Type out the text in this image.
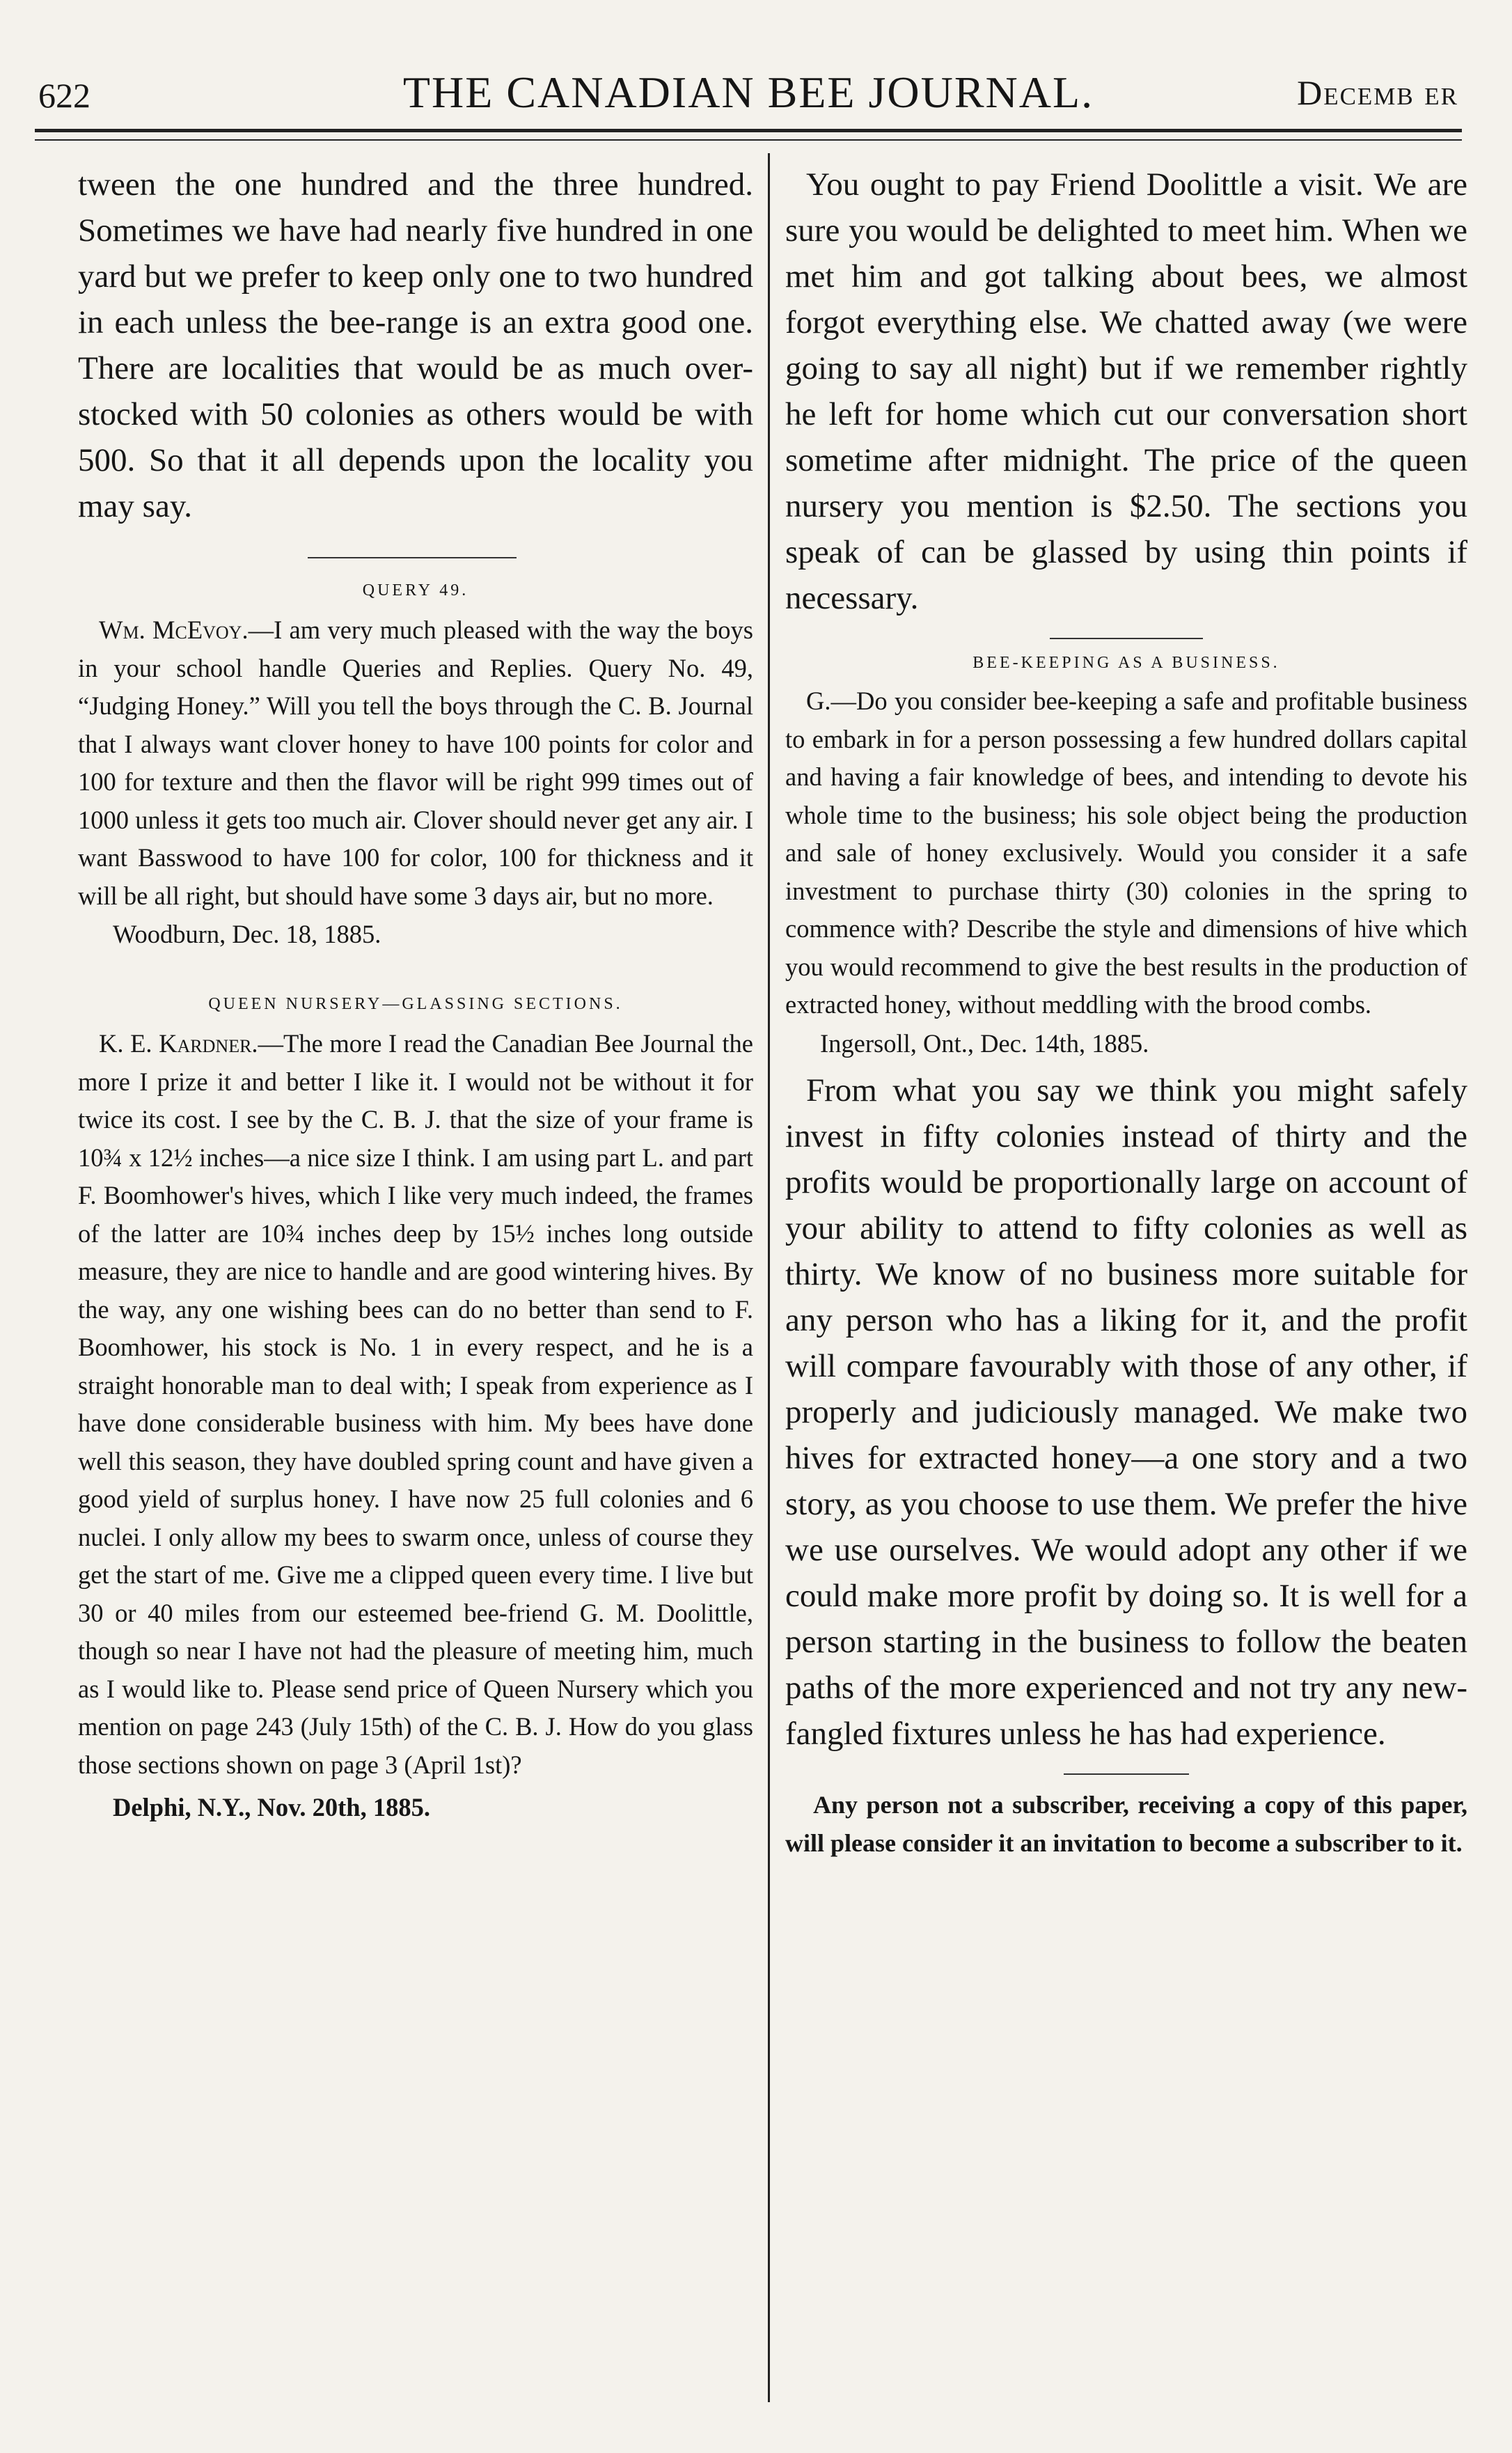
622	THE CANADIAN BEE JOURNAL.	Decemb er

tween the one hundred and the three hundred. Sometimes we have had nearly five hundred in one yard but we prefer to keep only one to two hundred in each unless the bee-range is an extra good one. There are localities that would be as much over-stocked with 50 colonies as others would be with 500. So that it all depends upon the locality you may say.

QUERY 49.

Wm. McEvoy.—I am very much pleased with the way the boys in your school handle Queries and Replies. Query No. 49, “Judging Honey.” Will you tell the boys through the C. B. Journal that I always want clover honey to have 100 points for color and 100 for texture and then the flavor will be right 999 times out of 1000 unless it gets too much air. Clover should never get any air. I want Basswood to have 100 for color, 100 for thickness and it will be all right, but should have some 3 days air, but no more.

Woodburn, Dec. 18, 1885.

QUEEN NURSERY—GLASSING SECTIONS.

K. E. Kardner.—The more I read the Canadian Bee Journal the more I prize it and better I like it. I would not be without it for twice its cost. I see by the C. B. J. that the size of your frame is 10¾ x 12½ inches—a nice size I think. I am using part L. and part F. Boomhower's hives, which I like very much indeed, the frames of the latter are 10¾ inches deep by 15½ inches long outside measure, they are nice to handle and are good wintering hives. By the way, any one wishing bees can do no better than send to F. Boomhower, his stock is No. 1 in every respect, and he is a straight honorable man to deal with; I speak from experience as I have done considerable business with him. My bees have done well this season, they have doubled spring count and have given a good yield of surplus honey. I have now 25 full colonies and 6 nuclei. I only allow my bees to swarm once, unless of course they get the start of me. Give me a clipped queen every time. I live but 30 or 40 miles from our esteemed bee-friend G. M. Doolittle, though so near I have not had the pleasure of meeting him, much as I would like to. Please send price of Queen Nursery which you mention on page 243 (July 15th) of the C. B. J. How do you glass those sections shown on page 3 (April 1st)?

Delphi, N.Y., Nov. 20th, 1885.

You ought to pay Friend Doolittle a visit. We are sure you would be delighted to meet him. When we met him and got talking about bees, we almost forgot everything else. We chatted away (we were going to say all night) but if we remember rightly he left for home which cut our conversation short sometime after midnight. The price of the queen nursery you mention is $2.50. The sections you speak of can be glassed by using thin points if necessary.

BEE-KEEPING AS A BUSINESS.

G.—Do you consider bee-keeping a safe and profitable business to embark in for a person possessing a few hundred dollars capital and having a fair knowledge of bees, and intending to devote his whole time to the business; his sole object being the production and sale of honey exclusively. Would you consider it a safe investment to purchase thirty (30) colonies in the spring to commence with? Describe the style and dimensions of hive which you would recommend to give the best results in the production of extracted honey, without meddling with the brood combs.

Ingersoll, Ont., Dec. 14th, 1885.

From what you say we think you might safely invest in fifty colonies instead of thirty and the profits would be proportionally large on account of your ability to attend to fifty colonies as well as thirty. We know of no business more suitable for any person who has a liking for it, and the profit will compare favourably with those of any other, if properly and judiciously managed. We make two hives for extracted honey—a one story and a two story, as you choose to use them. We prefer the hive we use ourselves. We would adopt any other if we could make more profit by doing so. It is well for a person starting in the business to follow the beaten paths of the more experienced and not try any new-fangled fixtures unless he has had experience.

Any person not a subscriber, receiving a copy of this paper, will please consider it an invitation to become a subscriber to it.
